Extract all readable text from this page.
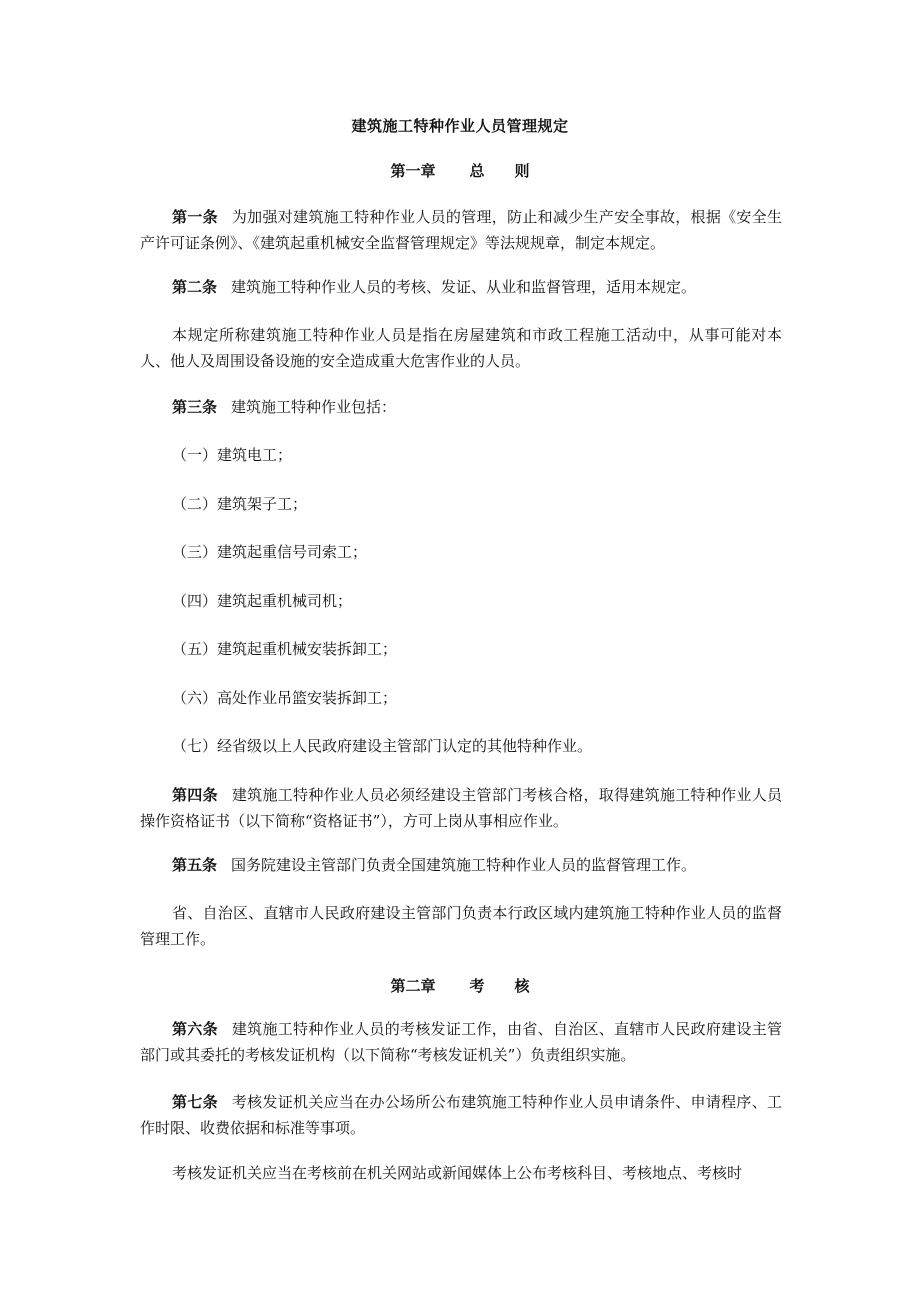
建筑施工特种作业人员管理规定
第一章 总 则
第一条 为加强对建筑施工特种作业人员的管理，防止和减少生产安全事故，根据《安全生产许可证条例》、《建筑起重机械安全监督管理规定》等法规规章，制定本规定。
第二条 建筑施工特种作业人员的考核、发证、从业和监督管理，适用本规定。
本规定所称建筑施工特种作业人员是指在房屋建筑和市政工程施工活动中，从事可能对本人、他人及周围设备设施的安全造成重大危害作业的人员。
第三条 建筑施工特种作业包括：
（一）建筑电工；
（二）建筑架子工；
（三）建筑起重信号司索工；
（四）建筑起重机械司机；
（五）建筑起重机械安装拆卸工；
（六）高处作业吊篮安装拆卸工；
（七）经省级以上人民政府建设主管部门认定的其他特种作业。
第四条 建筑施工特种作业人员必须经建设主管部门考核合格，取得建筑施工特种作业人员操作资格证书（以下简称“资格证书”），方可上岗从事相应作业。
第五条 国务院建设主管部门负责全国建筑施工特种作业人员的监督管理工作。
省、自治区、直辖市人民政府建设主管部门负责本行政区域内建筑施工特种作业人员的监督管理工作。
第二章 考 核
第六条 建筑施工特种作业人员的考核发证工作，由省、自治区、直辖市人民政府建设主管部门或其委托的考核发证机构（以下简称“考核发证机关”）负责组织实施。
第七条 考核发证机关应当在办公场所公布建筑施工特种作业人员申请条件、申请程序、工作时限、收费依据和标准等事项。
考核发证机关应当在考核前在机关网站或新闻媒体上公布考核科目、考核地点、考核时
